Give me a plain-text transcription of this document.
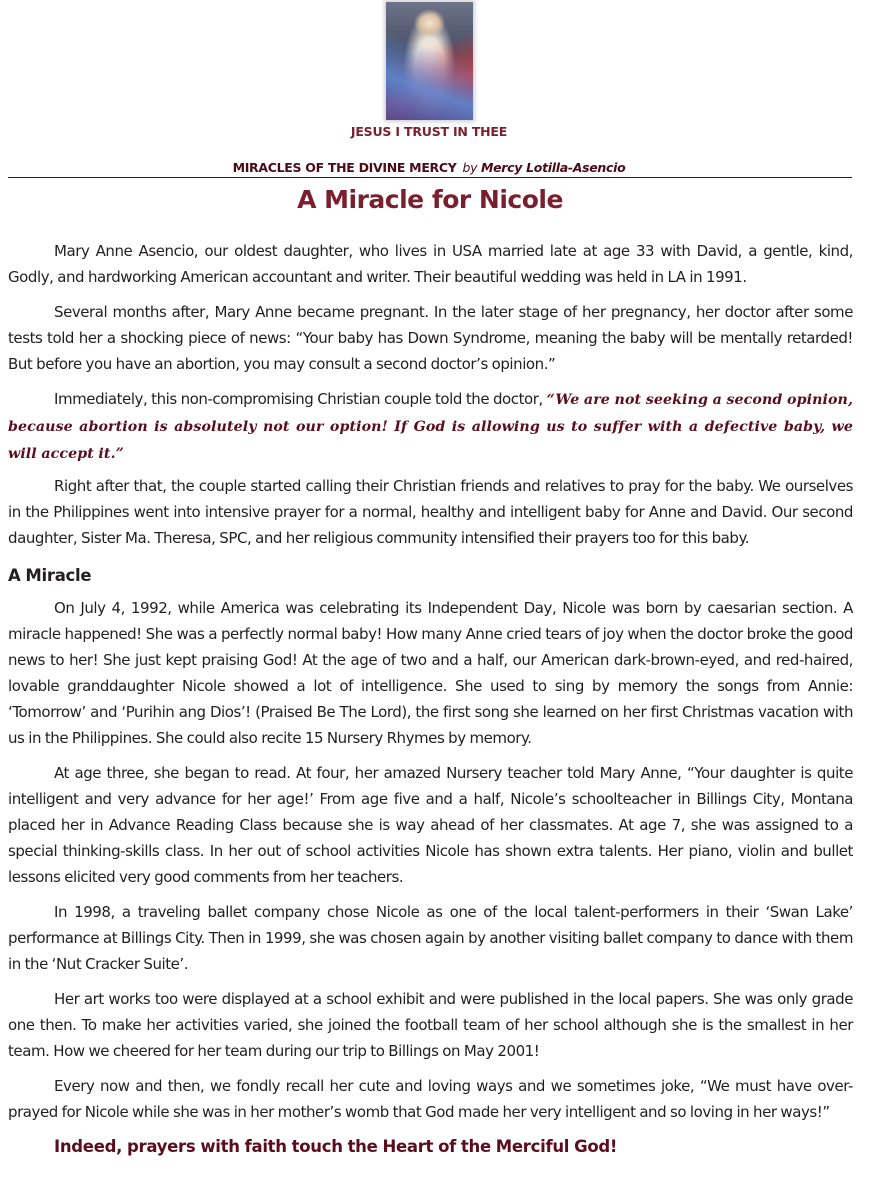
JESUS I TRUST IN THEE
MIRACLES OF THE DIVINE MERCY by Mercy Lotilla-Asencio
A Miracle for Nicole

Mary Anne Asencio, our oldest daughter, who lives in USA married late at age 33 with David, a gentle, kind, Godly, and hardworking American accountant and writer. Their beautiful wedding was held in LA in 1991.

Several months after, Mary Anne became pregnant. In the later stage of her pregnancy, her doctor after some tests told her a shocking piece of news: “Your baby has Down Syndrome, meaning the baby will be mentally retarded! But before you have an abortion, you may consult a second doctor’s opinion.”

Immediately, this non-compromising Christian couple told the doctor, “We are not seeking a second opinion, because abortion is absolutely not our option! If God is allowing us to suffer with a defective baby, we will accept it.”

Right after that, the couple started calling their Christian friends and relatives to pray for the baby. We ourselves in the Philippines went into intensive prayer for a normal, healthy and intelligent baby for Anne and David. Our second daughter, Sister Ma. Theresa, SPC, and her religious community intensified their prayers too for this baby.

A Miracle

On July 4, 1992, while America was celebrating its Independent Day, Nicole was born by caesarian section. A miracle happened! She was a perfectly normal baby! How many Anne cried tears of joy when the doctor broke the good news to her! She just kept praising God! At the age of two and a half, our American dark-brown-eyed, and red-haired, lovable granddaughter Nicole showed a lot of intelligence. She used to sing by memory the songs from Annie: ‘Tomorrow’ and ‘Purihin ang Dios’! (Praised Be The Lord), the first song she learned on her first Christmas vacation with us in the Philippines. She could also recite 15 Nursery Rhymes by memory.

At age three, she began to read. At four, her amazed Nursery teacher told Mary Anne, “Your daughter is quite intelligent and very advance for her age!’ From age five and a half, Nicole’s schoolteacher in Billings City, Montana placed her in Advance Reading Class because she is way ahead of her classmates. At age 7, she was assigned to a special thinking-skills class. In her out of school activities Nicole has shown extra talents. Her piano, violin and bullet lessons elicited very good comments from her teachers.

In 1998, a traveling ballet company chose Nicole as one of the local talent-performers in their ‘Swan Lake’ performance at Billings City. Then in 1999, she was chosen again by another visiting ballet company to dance with them in the ‘Nut Cracker Suite’.

Her art works too were displayed at a school exhibit and were published in the local papers. She was only grade one then. To make her activities varied, she joined the football team of her school although she is the smallest in her team. How we cheered for her team during our trip to Billings on May 2001!

Every now and then, we fondly recall her cute and loving ways and we sometimes joke, “We must have over-prayed for Nicole while she was in her mother’s womb that God made her very intelligent and so loving in her ways!”

Indeed, prayers with faith touch the Heart of the Merciful God!
